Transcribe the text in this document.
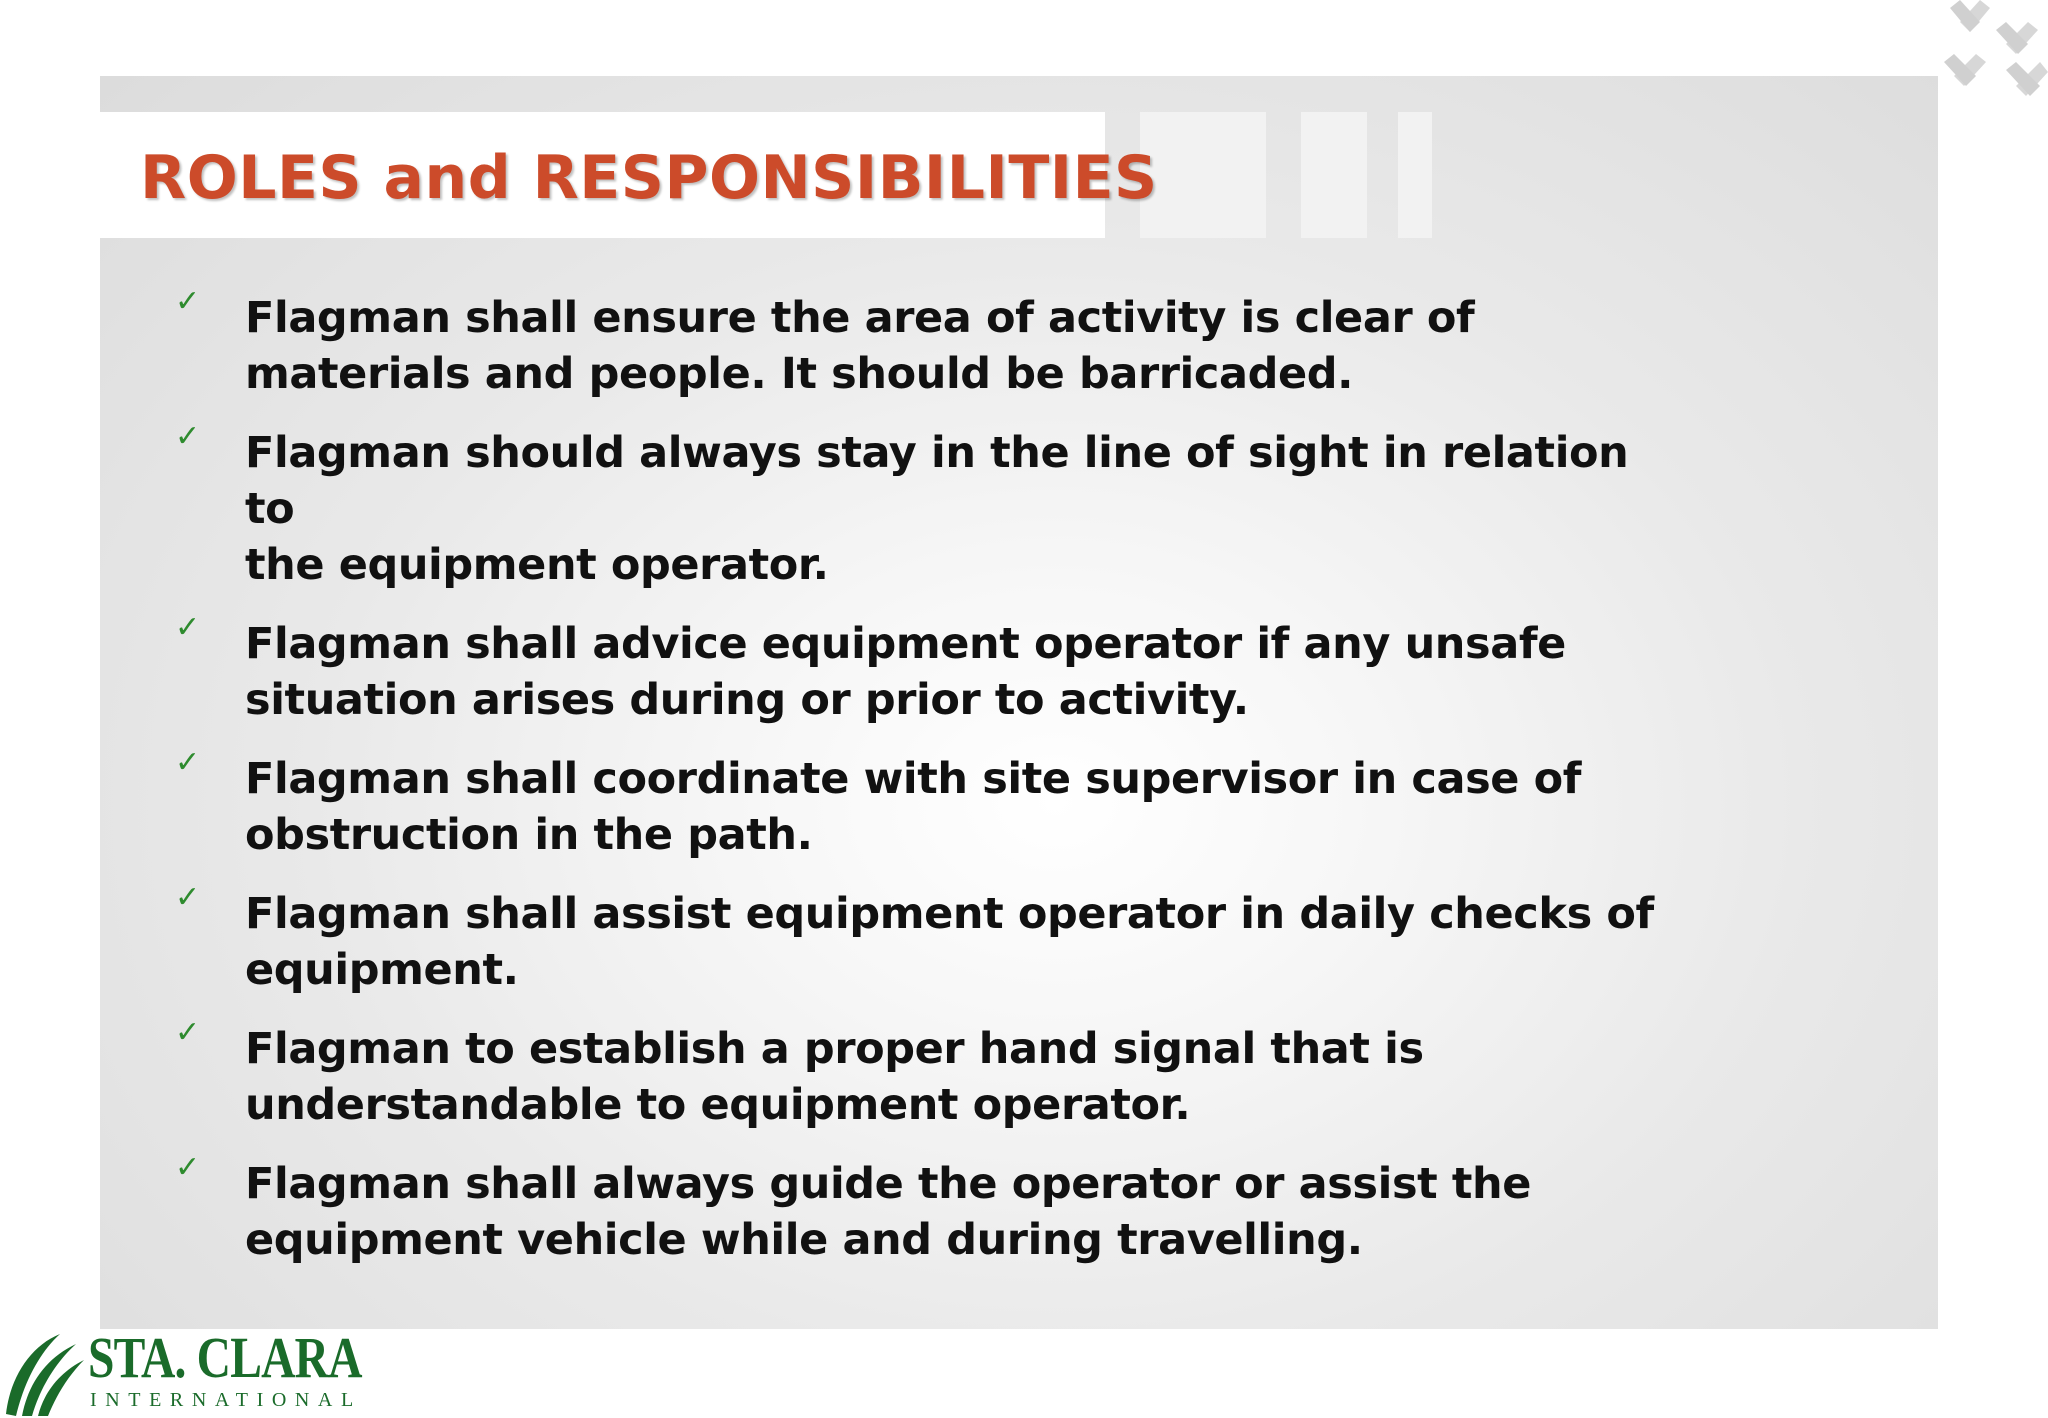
ROLES and RESPONSIBILITIES
✓ Flagman shall ensure the area of activity is clear of
materials and people. It should be barricaded.
✓ Flagman should always stay in the line of sight in relation to
the equipment operator.
✓ Flagman shall advice equipment operator if any unsafe
situation arises during or prior to activity.
✓ Flagman shall coordinate with site supervisor in case of
obstruction in the path.
✓ Flagman shall assist equipment operator in daily checks of
equipment.
✓ Flagman to establish a proper hand signal that is
understandable to equipment operator.
✓ Flagman shall always guide the operator or assist the
equipment vehicle while and during travelling.
STA. CLARA
INTERNATIONAL
